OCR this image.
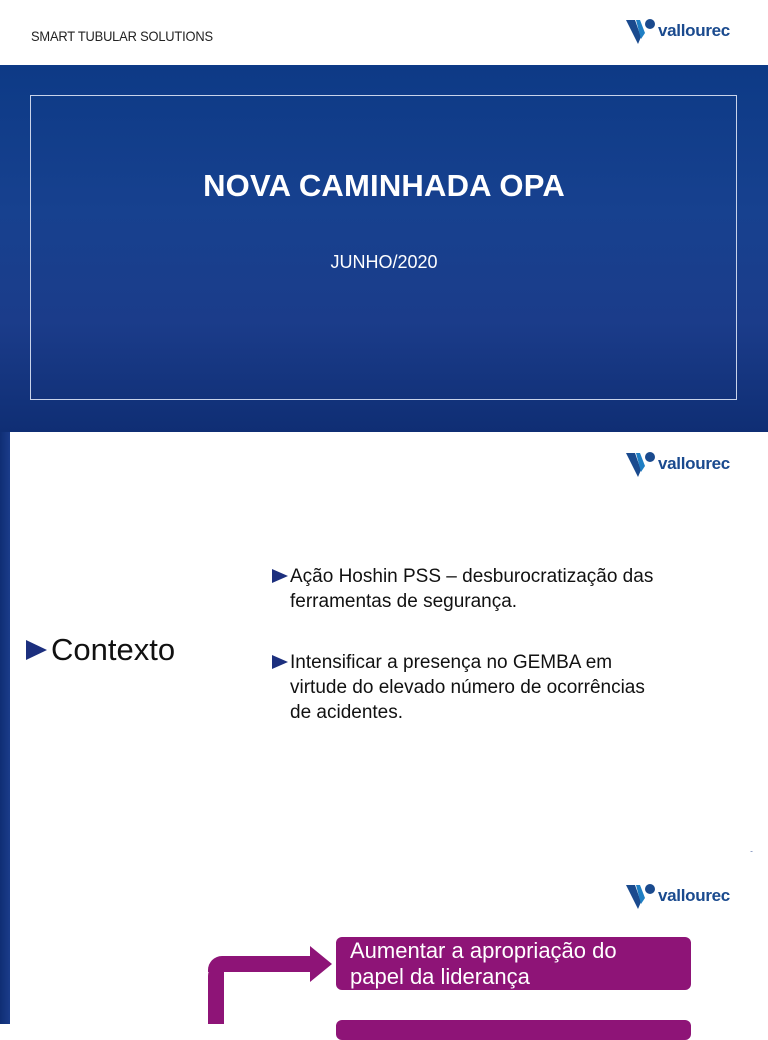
SMART TUBULAR SOLUTIONS	vallourec
NOVA CAMINHADA OPA
JUNHO/2020
vallourec
Contexto
Ação Hoshin PSS – desburocratização das
ferramentas de segurança.
Intensificar a presença no GEMBA em
virtude do elevado número de ocorrências
de acidentes.
vallourec
Aumentar a apropriação do
papel da liderança
